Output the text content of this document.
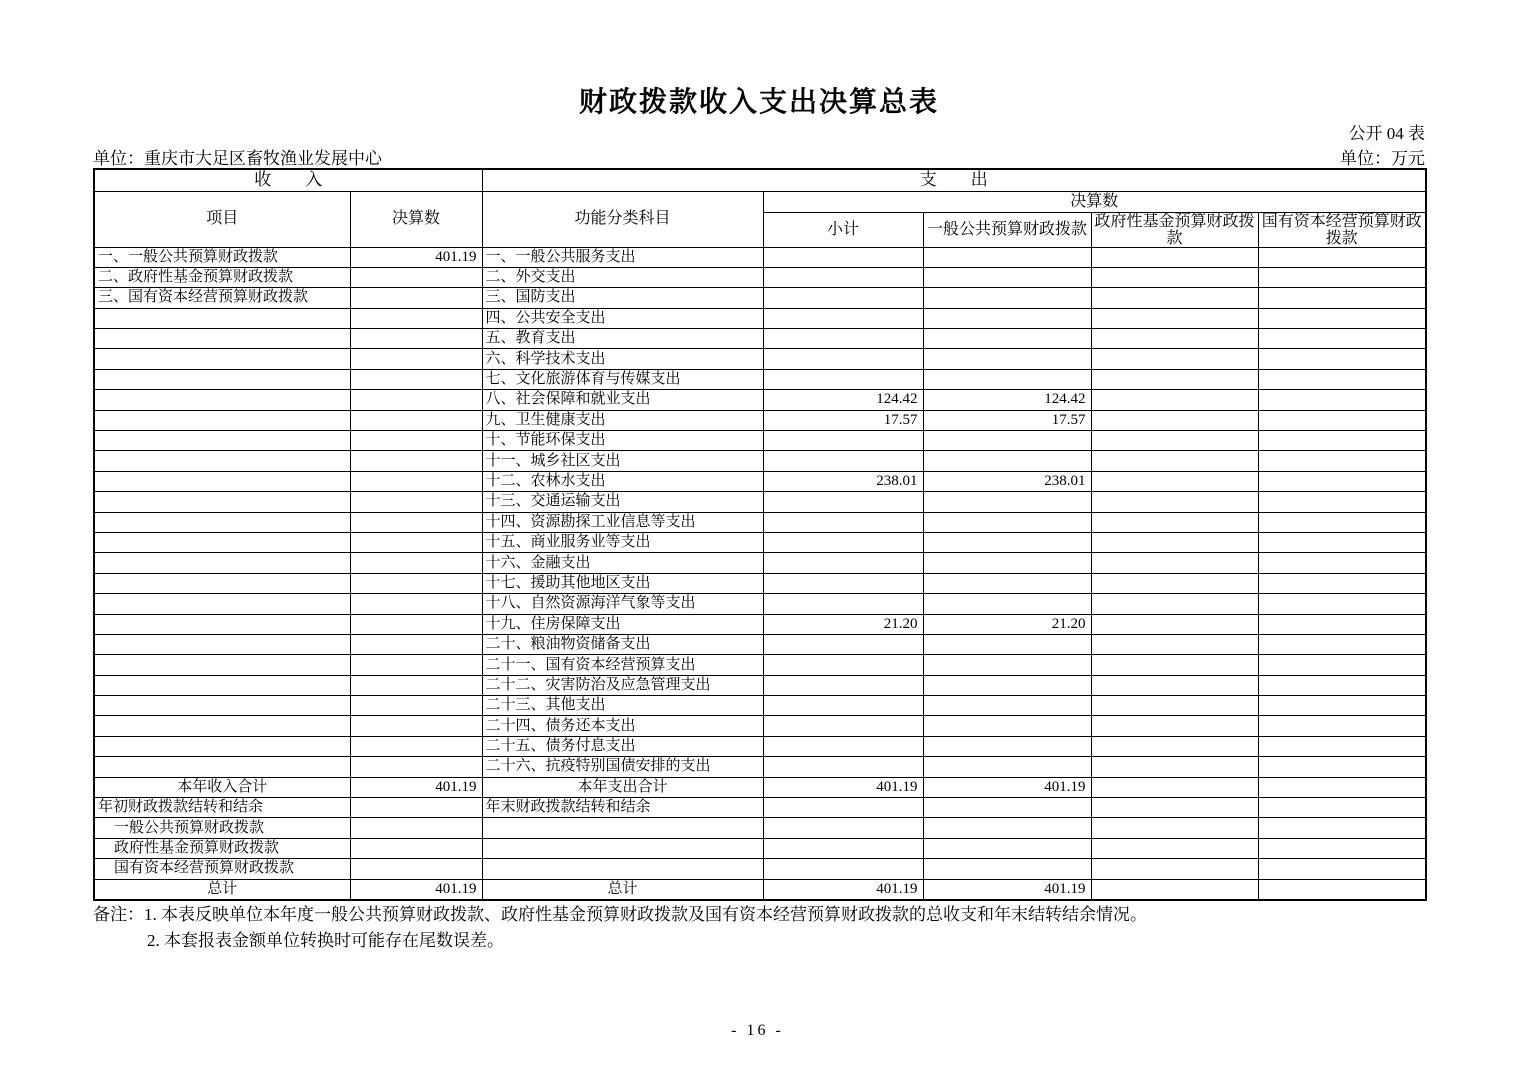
财政拨款收入支出决算总表
公开 04 表
单位：重庆市大足区畜牧渔业发展中心	单位：万元
收　　入		支　　出				
项目	决算数	功能分类科目	决算数			
			小计	一般公共预算财政拨款	政府性基金预算财政拨款	国有资本经营预算财政拨款
一、一般公共预算财政拨款	401.19	一、一般公共服务支出				
二、政府性基金预算财政拨款		二、外交支出				
三、国有资本经营预算财政拨款		三、国防支出				
		四、公共安全支出				
		五、教育支出				
		六、科学技术支出				
		七、文化旅游体育与传媒支出				
		八、社会保障和就业支出	124.42	124.42		
		九、卫生健康支出	17.57	17.57		
		十、节能环保支出				
		十一、城乡社区支出				
		十二、农林水支出	238.01	238.01		
		十三、交通运输支出				
		十四、资源勘探工业信息等支出				
		十五、商业服务业等支出				
		十六、金融支出				
		十七、援助其他地区支出				
		十八、自然资源海洋气象等支出				
		十九、住房保障支出	21.20	21.20		
		二十、粮油物资储备支出				
		二十一、国有资本经营预算支出				
		二十二、灾害防治及应急管理支出				
		二十三、其他支出				
		二十四、债务还本支出				
		二十五、债务付息支出				
		二十六、抗疫特别国债安排的支出				
本年收入合计	401.19	本年支出合计	401.19	401.19		
年初财政拨款结转和结余		年末财政拨款结转和结余				
一般公共预算财政拨款						
政府性基金预算财政拨款						
国有资本经营预算财政拨款						
总计	401.19	总计	401.19	401.19		
备注：1. 本表反映单位本年度一般公共预算财政拨款、政府性基金预算财政拨款及国有资本经营预算财政拨款的总收支和年末结转结余情况。
2. 本套报表金额单位转换时可能存在尾数误差。
- 16 -
